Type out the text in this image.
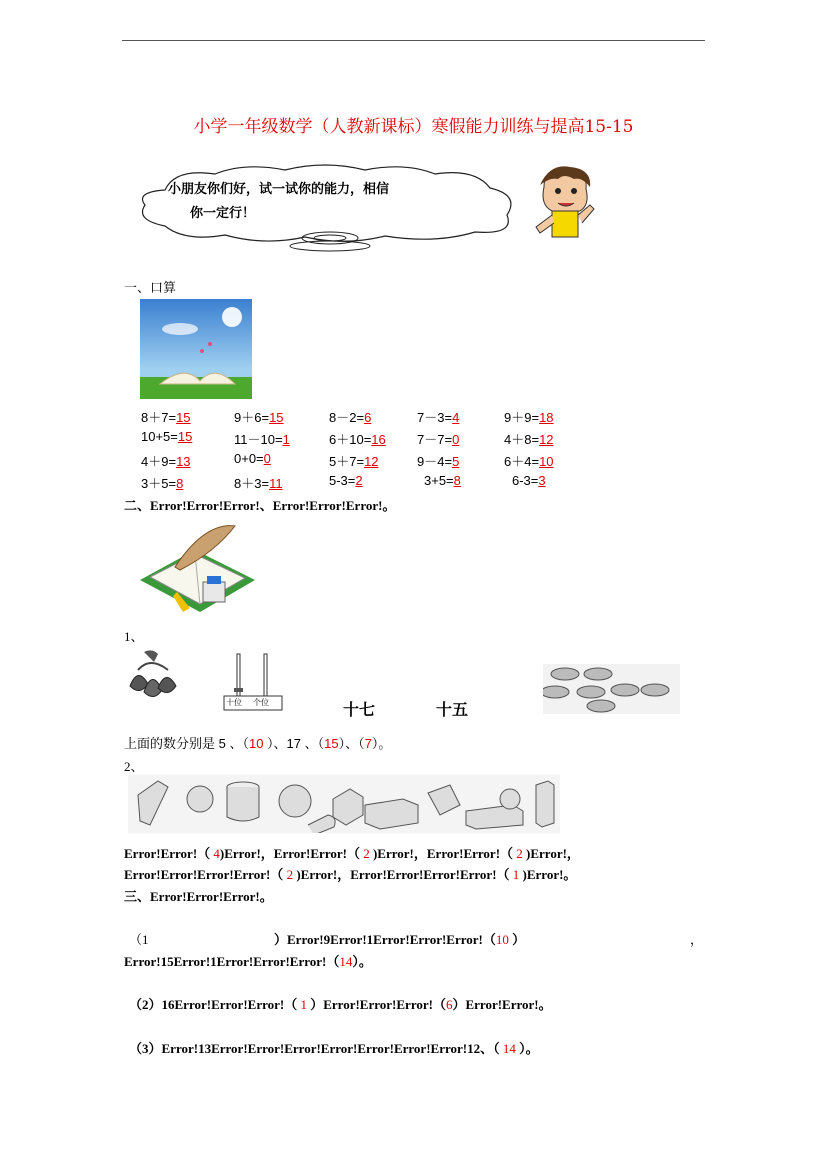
小学一年级数学（人教新课标）寒假能力训练与提高15-15
小朋友你们好，试一试你的能力，相信
你一定行！
一、口算
8＋7=15	9＋6=15	8－2=6	7－3=4	9＋9=18
10+5=15	11－10=1	6＋10=16 7－7=0	4＋8=12
4＋9=13	0+0=0	5＋7=12	9－4=5	6＋4=10
3＋5=8	8＋3=11	5-3=2	3+5=8	6-3=3
二、Error!Error!Error!、Error!Error!Error!。
1、
十位 个位	十七	十五
上面的数分别是 5 、（10 ）、17 、（15）、（7）。
2、
Error!Error!（ 4)Error!，Error!Error!（ 2 )Error!，Error!Error!（ 2 )Error!，
Error!Error!Error!Error!（ 2 )Error!，Error!Error!Error!Error!（ 1 )Error!。
三、Error!Error!Error!。
（1	）Error!9Error!1Error!Error!Error!（10 ）	，
Error!15Error!1Error!Error!Error!（14）。
（2）16Error!Error!Error!（ 1 ）Error!Error!Error!（6）Error!Error!。
（3）Error!13Error!Error!Error!Error!Error!Error!Error!12、（ 14 ）。
